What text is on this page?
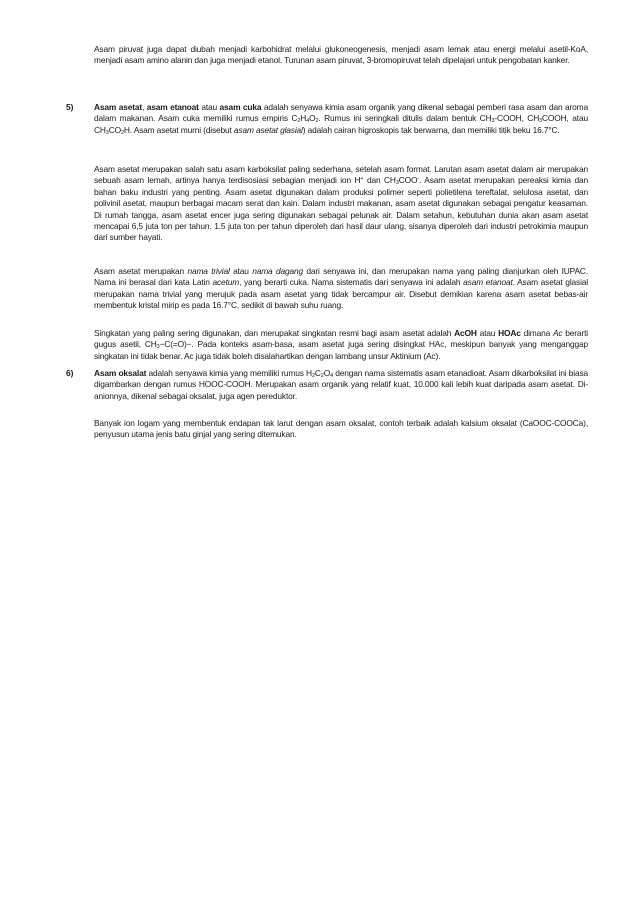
Asam piruvat juga dapat diubah menjadi karbohidrat melalui glukoneogenesis, menjadi asam lemak atau energi melalui asetil-KoA, menjadi asam amino alanin dan juga menjadi etanol. Turunan asam piruvat, 3-bromopiruvat telah dipelajari untuk pengobatan kanker.

5) Asam asetat, asam etanoat atau asam cuka adalah senyawa kimia asam organik yang dikenal sebagai pemberi rasa asam dan aroma dalam makanan. Asam cuka memiliki rumus empiris $C_2H_4O_2$. Rumus ini seringkali ditulis dalam bentuk $CH_3$-COOH, $CH_3COOH$, atau $CH_3CO_2H$. Asam asetat murni (disebut asam asetat glasial) adalah cairan higroskopis tak berwarna, dan memiliki titik beku 16.7°C.

Asam asetat merupakan salah satu asam karboksilat paling sederhana, setelah asam format. Larutan asam asetat dalam air merupakan sebuah asam lemah, artinya hanya terdisosiasi sebagian menjadi ion H+ dan $CH_3COO^-$. Asam asetat merupakan pereaksi kimia dan bahan baku industri yang penting. Asam asetat digunakan dalam produksi polimer seperti polietilena tereftalat, selulosa asetat, dan polivinil asetat, maupun berbagai macam serat dan kain. Dalam industri makanan, asam asetat digunakan sebagai pengatur keasaman. Di rumah tangga, asam asetat encer juga sering digunakan sebagai pelunak air. Dalam setahun, kebutuhan dunia akan asam asetat mencapai 6,5 juta ton per tahun. 1.5 juta ton per tahun diperoleh dari hasil daur ulang, sisanya diperoleh dari industri petrokimia maupun dari sumber hayati.

Asam asetat merupakan nama trivial atau nama dagang dari senyawa ini, dan merupakan nama yang paling dianjurkan oleh IUPAC. Nama ini berasal dari kata Latin acetum, yang berarti cuka. Nama sistematis dari senyawa ini adalah asam etanoat. Asam asetat glasial merupakan nama trivial yang merujuk pada asam asetat yang tidak bercampur air. Disebut demikian karena asam asetat bebas-air membentuk kristal mirip es pada 16.7°C, sedikit di bawah suhu ruang.

Singkatan yang paling sering digunakan, dan merupakat singkatan resmi bagi asam asetat adalah AcOH atau HOAc dimana Ac berarti gugus asetil, $CH_3-C(=O)-$. Pada konteks asam-basa, asam asetat juga sering disingkat HAc, meskipun banyak yang menganggap singkatan ini tidak benar. Ac juga tidak boleh disalahartikan dengan lambang unsur Aktinium (Ac).

6) Asam oksalat adalah senyawa kimia yang memiliki rumus $H_2C_2O_4$ dengan nama sistematis asam etanadioat. Asam dikarboksilat ini biasa digambarkan dengan rumus HOOC-COOH. Merupakan asam organik yang relatif kuat, 10.000 kali lebih kuat daripada asam asetat. Di-anionnya, dikenal sebagai oksalat, juga agen pereduktor.

Banyak ion logam yang membentuk endapan tak larut dengan asam oksalat, contoh terbaik adalah kalsium oksalat (CaOOC-COOCa), penyusun utama jenis batu ginjal yang sering ditemukan.
